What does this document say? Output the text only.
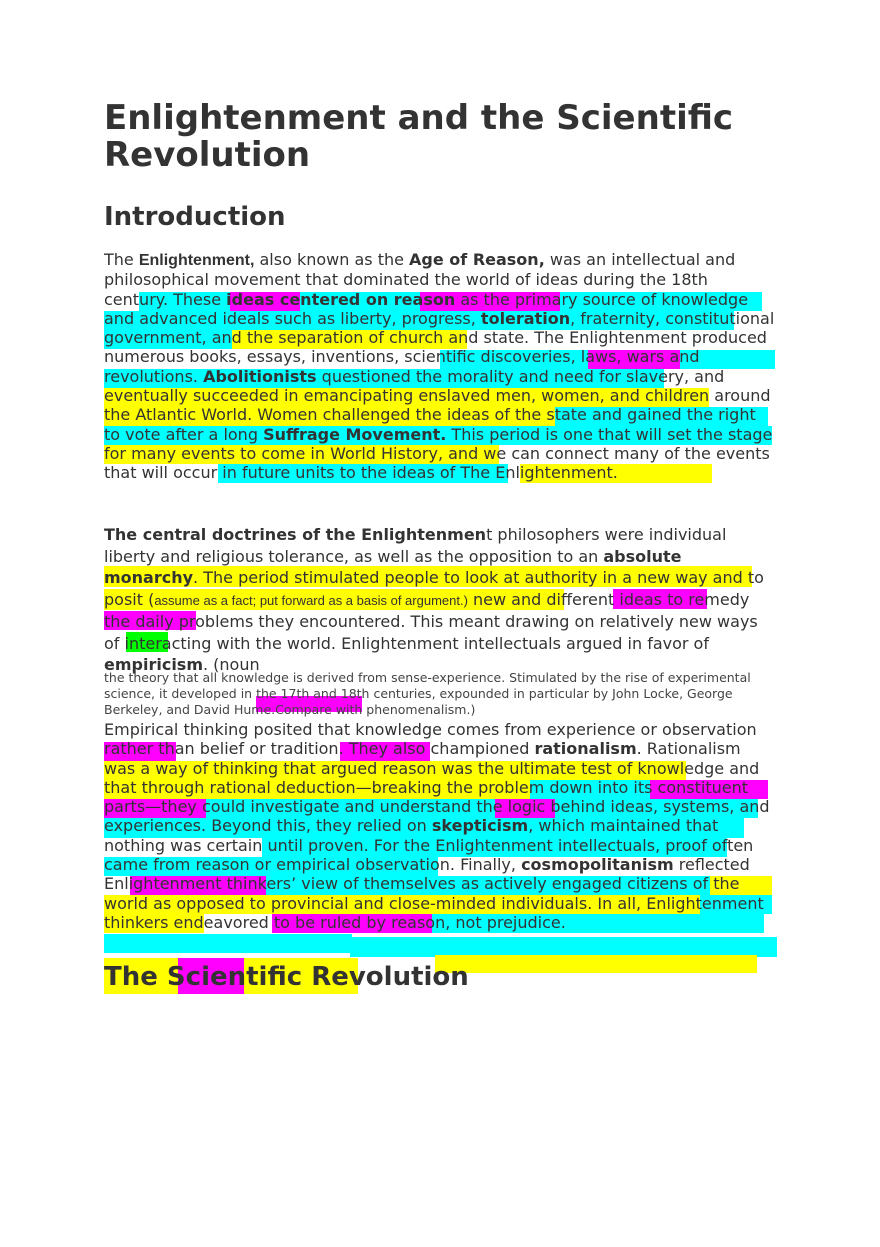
Enlightenment and the Scientific Revolution
Introduction

The Enlightenment, also known as the Age of Reason, was an intellectual and philosophical movement that dominated the world of ideas during the 18th century. These ideas centered on reason as the primary source of knowledge and advanced ideals such as liberty, progress, toleration, fraternity, constitutional government, and the separation of church and state. The Enlightenment produced numerous books, essays, inventions, scientific discoveries, laws, wars and revolutions. Abolitionists questioned the morality and need for slavery, and eventually succeeded in emancipating enslaved men, women, and children around the Atlantic World. Women challenged the ideas of the state and gained the right to vote after a long Suffrage Movement. This period is one that will set the stage for many events to come in World History, and we can connect many of the events that will occur in future units to the ideas of The Enlightenment.

The central doctrines of the Enlightenment philosophers were individual liberty and religious tolerance, as well as the opposition to an absolute monarchy. The period stimulated people to look at authority in a new way and to posit (assume as a fact; put forward as a basis of argument.) new and different ideas to remedy the daily problems they encountered. This meant drawing on relatively new ways of interacting with the world. Enlightenment intellectuals argued in favor of empiricism. (noun

the theory that all knowledge is derived from sense-experience. Stimulated by the rise of experimental science, it developed in the 17th and 18th centuries, expounded in particular by John Locke, George Berkeley, and David Hume.Compare with phenomenalism.)

Empirical thinking posited that knowledge comes from experience or observation rather than belief or tradition. They also championed rationalism. Rationalism was a way of thinking that argued reason was the ultimate test of knowledge and that through rational deduction—breaking the problem down into its constituent parts—they could investigate and understand the logic behind ideas, systems, and experiences. Beyond this, they relied on skepticism, which maintained that nothing was certain until proven. For the Enlightenment intellectuals, proof often came from reason or empirical observation. Finally, cosmopolitanism reflected Enlightenment thinkers’ view of themselves as actively engaged citizens of the world as opposed to provincial and close-minded individuals. In all, Enlightenment thinkers endeavored to be ruled by reason, not prejudice.

The Scientific Revolution
